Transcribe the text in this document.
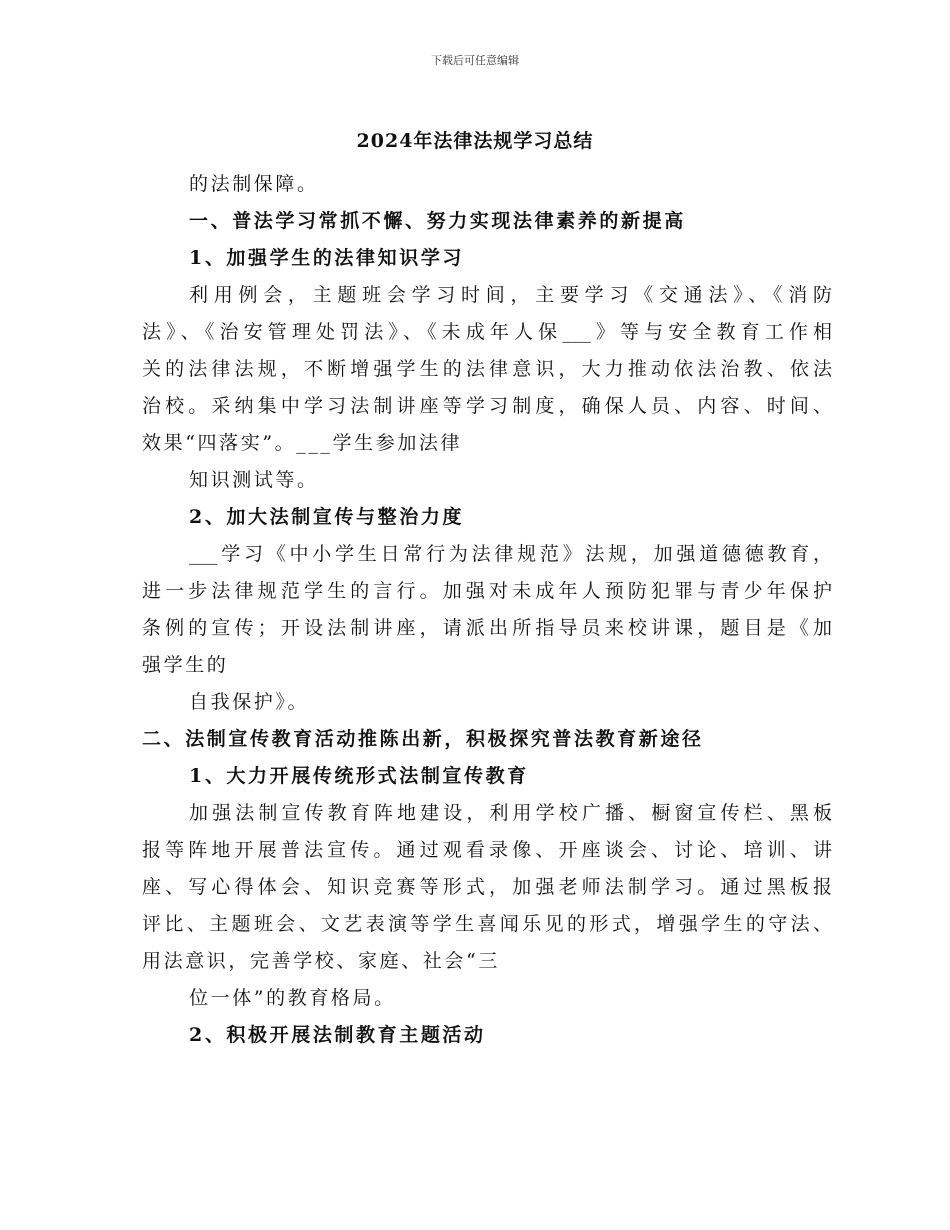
下载后可任意编辑
2024年法律法规学习总结
的法制保障。
一、普法学习常抓不懈、努力实现法律素养的新提高
1、加强学生的法律知识学习
利用例会，主题班会学习时间，主要学习《交通法》、《消防
法》、《治安管理处罚法》、《未成年人保___》等与安全教育工作相
关的法律法规，不断增强学生的法律意识，大力推动依法治教、依法
治校。采纳集中学习法制讲座等学习制度，确保人员、内容、时间、
效果“四落实”。___学生参加法律
知识测试等。
2、加大法制宣传与整治力度
___学习《中小学生日常行为法律规范》法规，加强道德德教育，
进一步法律规范学生的言行。加强对未成年人预防犯罪与青少年保护
条例的宣传；开设法制讲座，请派出所指导员来校讲课，题目是《加
强学生的
自我保护》。
二、法制宣传教育活动推陈出新，积极探究普法教育新途径
1、大力开展传统形式法制宣传教育
加强法制宣传教育阵地建设，利用学校广播、橱窗宣传栏、黑板
报等阵地开展普法宣传。通过观看录像、开座谈会、讨论、培训、讲
座、写心得体会、知识竞赛等形式，加强老师法制学习。通过黑板报
评比、主题班会、文艺表演等学生喜闻乐见的形式，增强学生的守法、
用法意识，完善学校、家庭、社会“三
位一体”的教育格局。
2、积极开展法制教育主题活动
